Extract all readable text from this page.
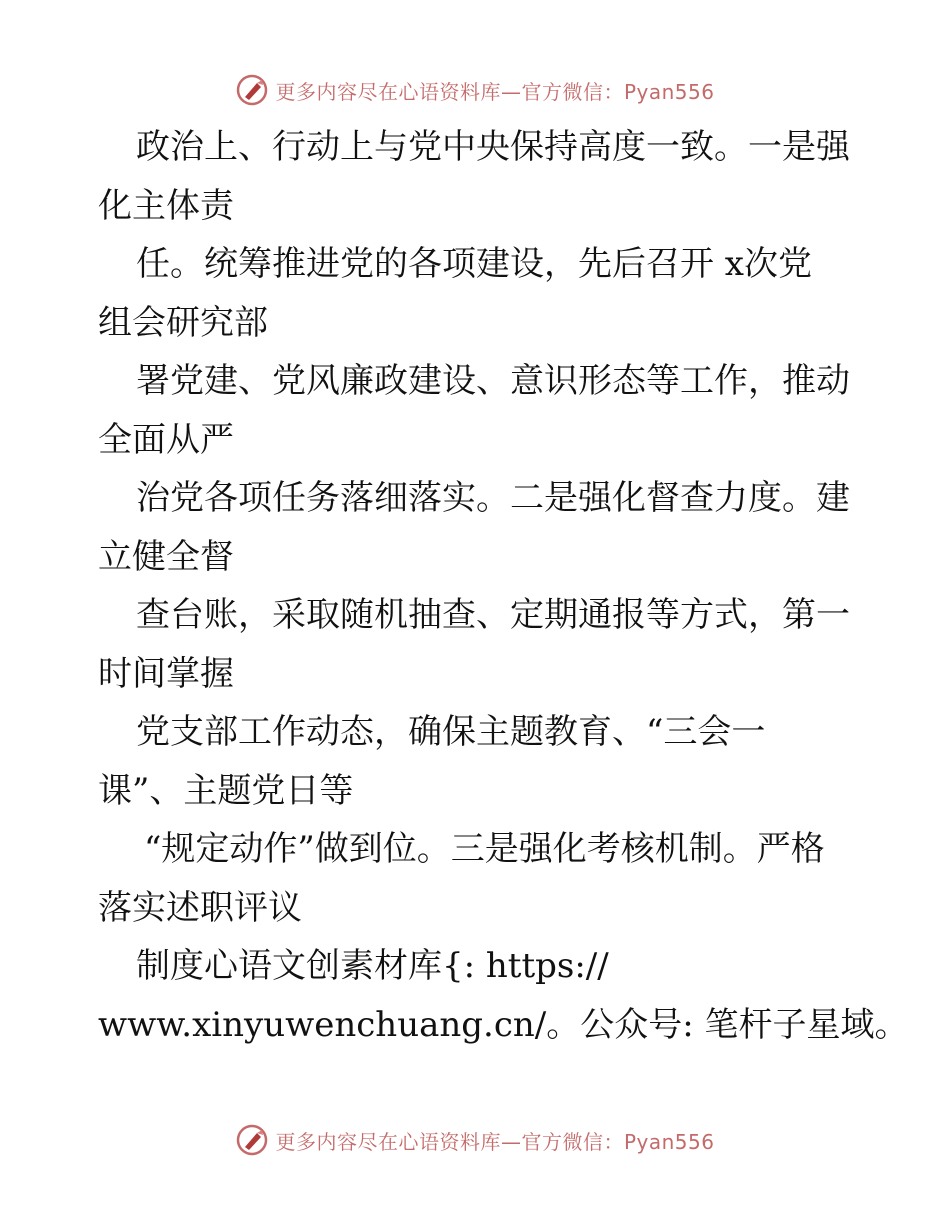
更多内容尽在心语资料库—官方微信：Pyan556
政治上、行动上与党中央保持高度一致。一是强
化主体责
任。统筹推进党的各项建设，先后召开 x次党
组会研究部
署党建、党风廉政建设、意识形态等工作，推动
全面从严
治党各项任务落细落实。二是强化督查力度。建
立健全督
查台账，采取随机抽查、定期通报等方式，第一
时间掌握
党支部工作动态，确保主题教育、“三会一
课”、主题党日等
“规定动作”做到位。三是强化考核机制。严格
落实述职评议
制度心语文创素材库{: https://
www.xinyuwenchuang.cn/。公众号: 笔杆子星域。
更多内容尽在心语资料库—官方微信：Pyan556
